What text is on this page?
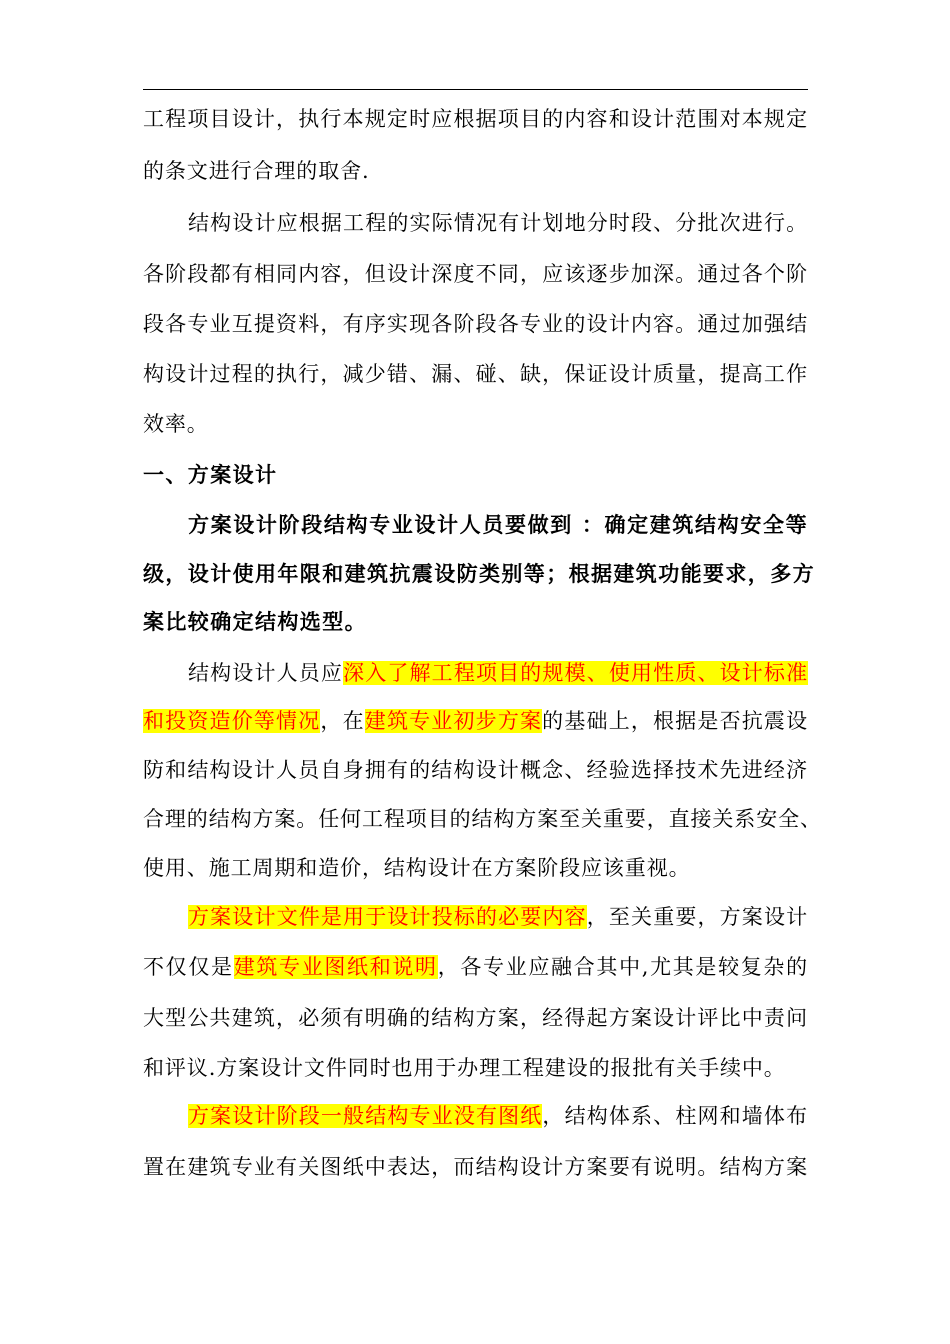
工程项目设计，执行本规定时应根据项目的内容和设计范围对本规定
的条文进行合理的取舍.
结构设计应根据工程的实际情况有计划地分时段、分批次进行。
各阶段都有相同内容，但设计深度不同，应该逐步加深。通过各个阶
段各专业互提资料，有序实现各阶段各专业的设计内容。通过加强结
构设计过程的执行，减少错、漏、碰、缺，保证设计质量，提高工作
效率。
一、方案设计
方案设计阶段结构专业设计人员要做到 ：确定建筑结构安全等
级，设计使用年限和建筑抗震设防类别等；根据建筑功能要求，多方
案比较确定结构选型。
结构设计人员应深入了解工程项目的规模、使用性质、设计标准
和投资造价等情况，在建筑专业初步方案的基础上，根据是否抗震设
防和结构设计人员自身拥有的结构设计概念、经验选择技术先进经济
合理的结构方案。任何工程项目的结构方案至关重要，直接关系安全、
使用、施工周期和造价，结构设计在方案阶段应该重视。
方案设计文件是用于设计投标的必要内容，至关重要，方案设计
不仅仅是建筑专业图纸和说明，各专业应融合其中,尤其是较复杂的
大型公共建筑，必须有明确的结构方案，经得起方案设计评比中责问
和评议.方案设计文件同时也用于办理工程建设的报批有关手续中。
方案设计阶段一般结构专业没有图纸，结构体系、柱网和墙体布
置在建筑专业有关图纸中表达，而结构设计方案要有说明。结构方案
